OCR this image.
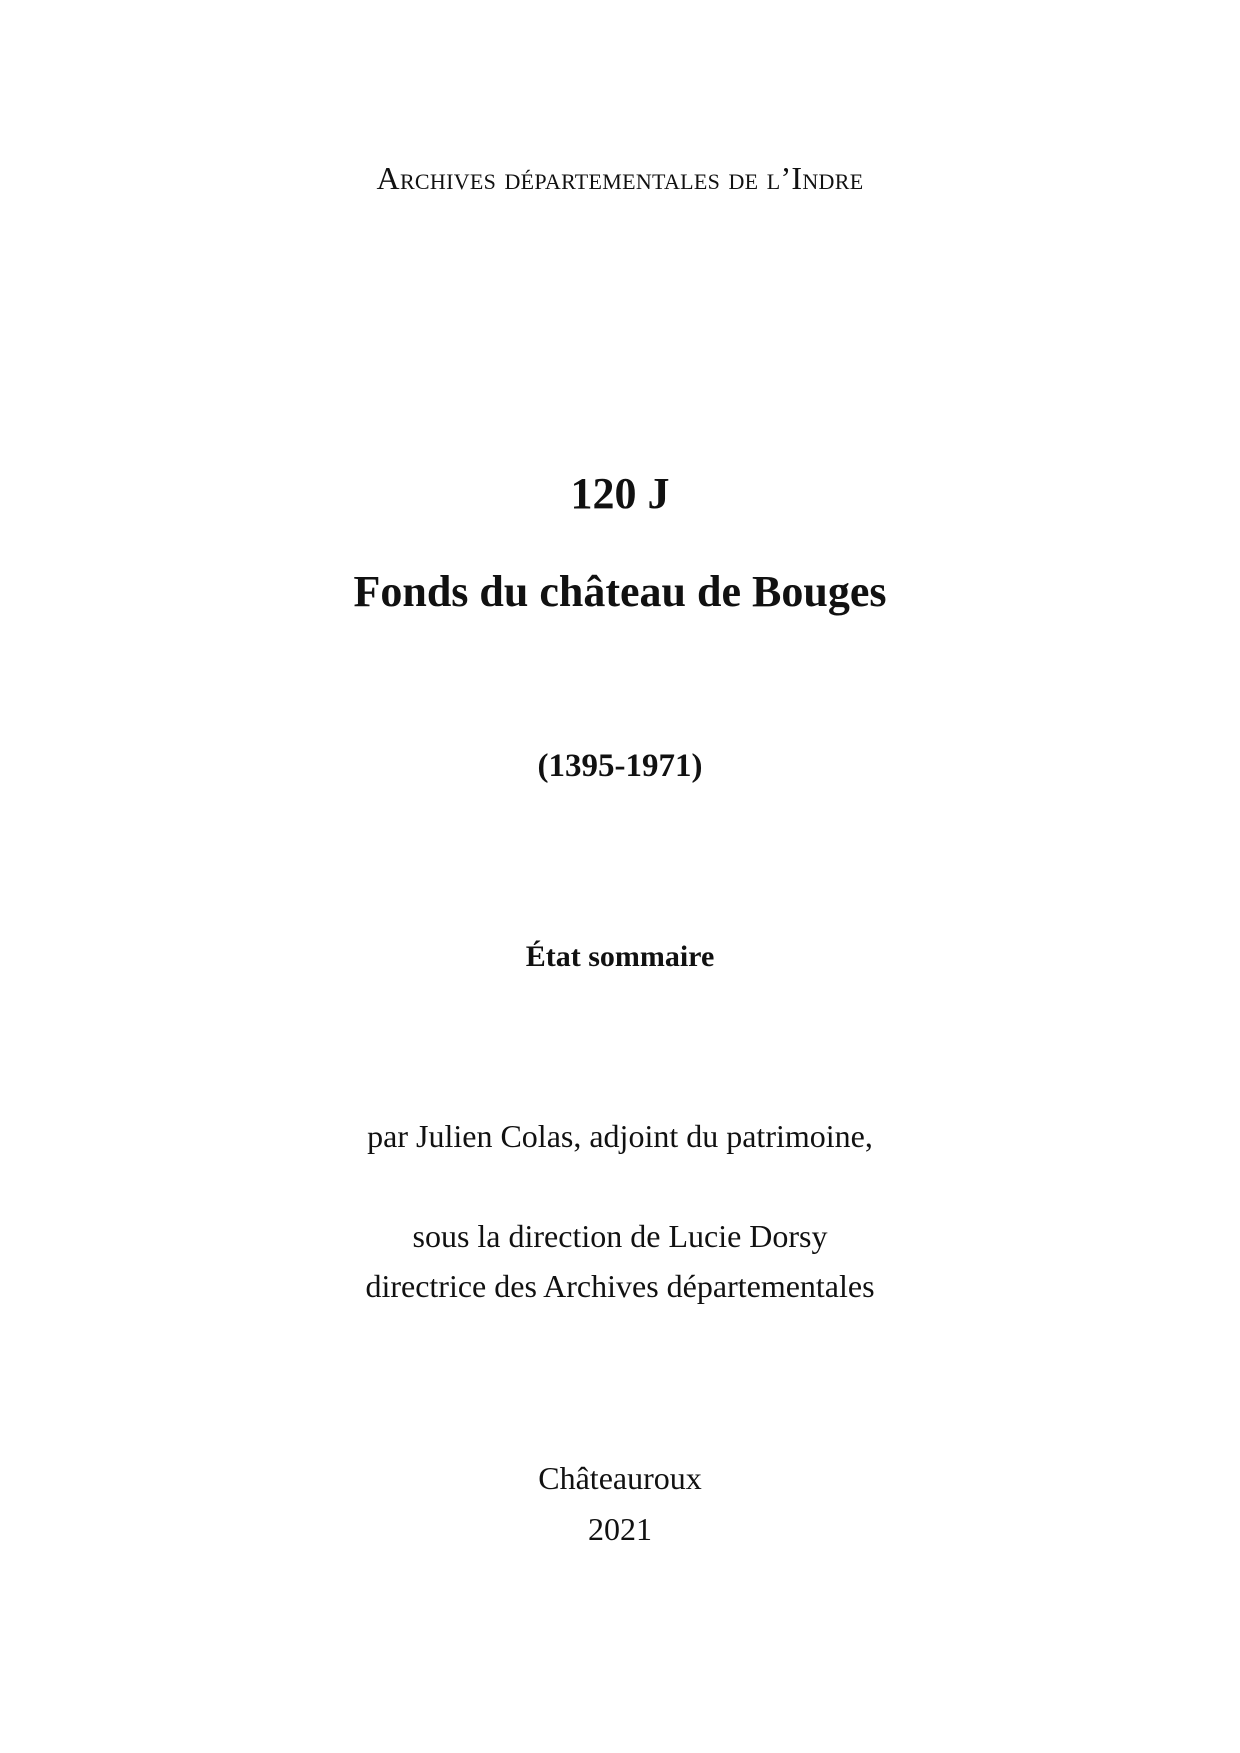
Archives départementales de l’Indre
120 J
Fonds du château de Bouges
(1395-1971)
État sommaire
par Julien Colas, adjoint du patrimoine,
sous la direction de Lucie Dorsy
directrice des Archives départementales
Châteauroux
2021
